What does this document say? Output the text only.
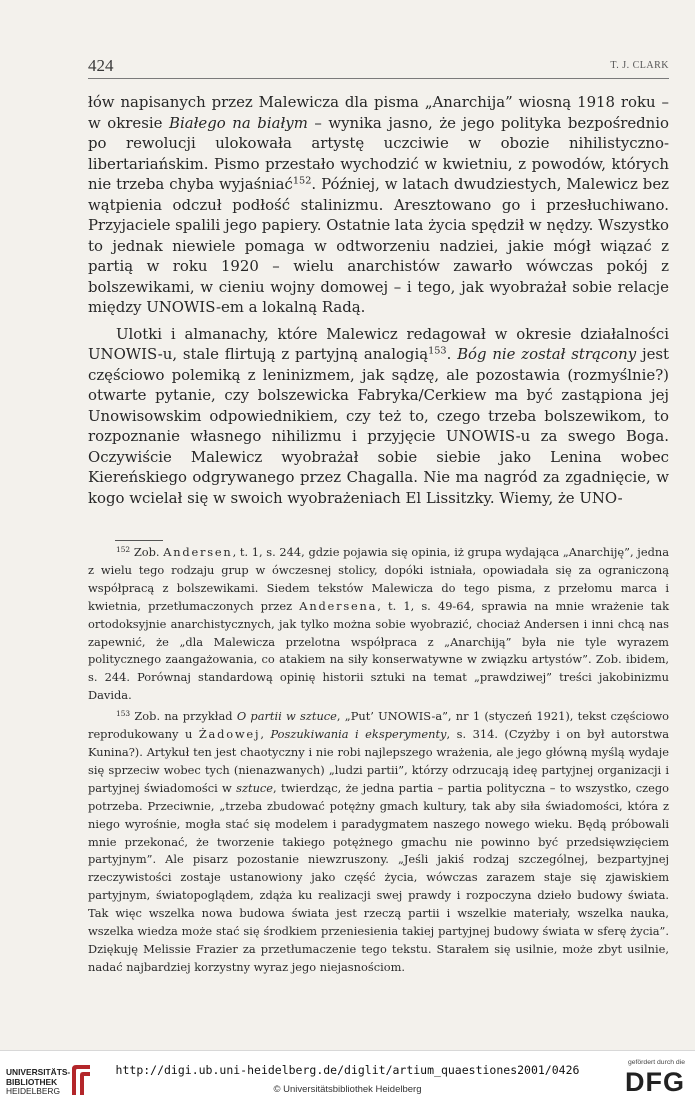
424	T. J. CLARK

łów napisanych przez Malewicza dla pisma „Anarchija” wiosną 1918 roku – w okresie Białego na białym – wynika jasno, że jego polityka bezpośrednio po rewolucji ulokowała artystę uczciwie w obozie nihilistyczno-libertariańskim. Pismo przestało wychodzić w kwietniu, z powodów, których nie trzeba chyba wyjaśniać$^{152}$. Później, w latach dwudziestych, Malewicz bez wątpienia odczuł podłość stalinizmu. Aresztowano go i przesłuchiwano. Przyjaciele spalili jego papiery. Ostatnie lata życia spędził w nędzy. Wszystko to jednak niewiele pomaga w odtworzeniu nadziei, jakie mógł wiązać z partią w roku 1920 – wielu anarchistów zawarło wówczas pokój z bolszewikami, w cieniu wojny domowej – i tego, jak wyobrażał sobie relacje między UNOWIS-em a lokalną Radą.

Ulotki i almanachy, które Malewicz redagował w okresie działalności UNOWIS-u, stale flirtują z partyjną analogią$^{153}$. Bóg nie został strącony jest częściowo polemiką z leninizmem, jak sądzę, ale pozostawia (rozmyślnie?) otwarte pytanie, czy bolszewicka Fabryka/Cerkiew ma być zastąpiona jej Unowisowskim odpowiednikiem, czy też to, czego trzeba bolszewikom, to rozpoznanie własnego nihilizmu i przyjęcie UNOWIS-u za swego Boga. Oczywiście Malewicz wyobrażał sobie siebie jako Lenina wobec Kiereńskiego odgrywanego przez Chagalla. Nie ma nagród za zgadnięcie, w kogo wcielał się w swoich wyobrażeniach El Lissitzky. Wiemy, że UNO-

$^{152}$ Zob. Andersen, t. 1, s. 244, gdzie pojawia się opinia, iż grupa wydająca „Anarchiję”, jedna z wielu tego rodzaju grup w ówczesnej stolicy, dopóki istniała, opowiadała się za ograniczoną współpracą z bolszewikami. Siedem tekstów Malewicza do tego pisma, z przełomu marca i kwietnia, przetłumaczonych przez Andersena, t. 1, s. 49-64, sprawia na mnie wrażenie tak ortodoksyjnie anarchistycznych, jak tylko można sobie wyobrazić, chociaż Andersen i inni chcą nas zapewnić, że „dla Malewicza przelotna współpraca z „Anarchiją” była nie tyle wyrazem politycznego zaangażowania, co atakiem na siły konserwatywne w związku artystów”. Zob. ibidem, s. 244. Porównaj standardową opinię historii sztuki na temat „prawdziwej” treści jakobinizmu Davida.

$^{153}$ Zob. na przykład O partii w sztuce, „Put’ UNOWIS-a”, nr 1 (styczeń 1921), tekst częściowo reprodukowany u Żadowej, Poszukiwania i eksperymenty, s. 314. (Czyżby i on był autorstwa Kunina?). Artykuł ten jest chaotyczny i nie robi najlepszego wrażenia, ale jego główną myślą wydaje się sprzeciw wobec tych (nienazwanych) „ludzi partii”, którzy odrzucają ideę partyjnej organizacji i partyjnej świadomości w sztuce, twierdząc, że jedna partia – partia polityczna – to wszystko, czego potrzeba. Przeciwnie, „trzeba zbudować potężny gmach kultury, tak aby siła świadomości, która z niego wyrośnie, mogła stać się modelem i paradygmatem naszego nowego wieku. Będą próbowali mnie przekonać, że tworzenie takiego potężnego gmachu nie powinno być przedsięwzięciem partyjnym”. Ale pisarz pozostanie niewzruszony. „Jeśli jakiś rodzaj szczególnej, bezpartyjnej rzeczywistości zostaje ustanowiony jako część życia, wówczas zarazem staje się zjawiskiem partyjnym, światopoglądem, zdąża ku realizacji swej prawdy i rozpoczyna dzieło budowy świata. Tak więc wszelka nowa budowa świata jest rzeczą partii i wszelkie materiały, wszelka nauka, wszelka wiedza może stać się środkiem przeniesienia takiej partyjnej budowy świata w sferę życia”. Dziękuję Melissie Frazier za przetłumaczenie tego tekstu. Starałem się usilnie, może zbyt usilnie, nadać najbardziej korzystny wyraz jego niejasnościom.

UNIVERSITÄTS-
BIBLIOTHEK
HEIDELBERG
http://digi.ub.uni-heidelberg.de/diglit/artium_quaestiones2001/0426
© Universitätsbibliothek Heidelberg
gefördert durch die
DFG
